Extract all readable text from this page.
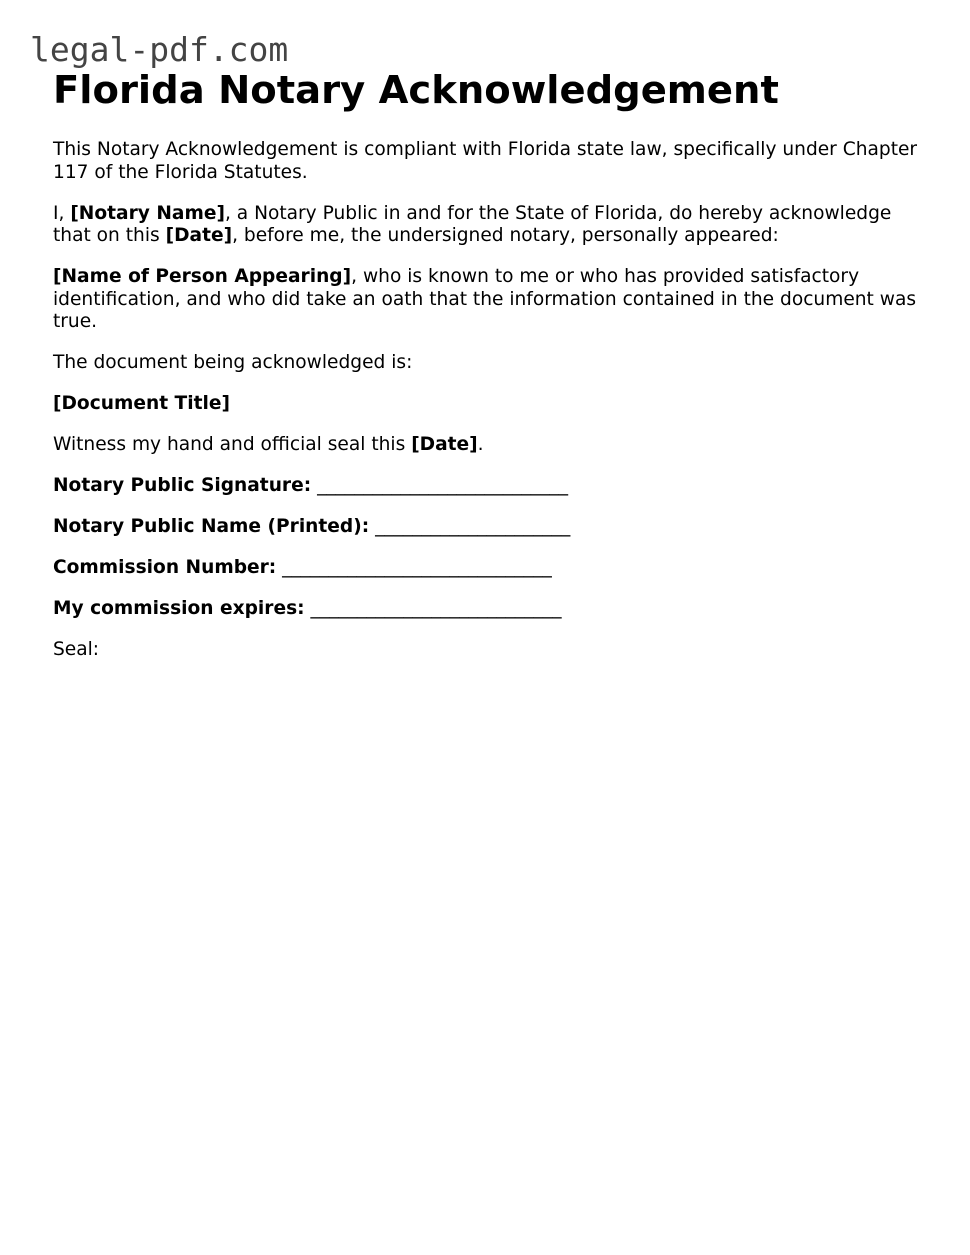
legal-pdf.com
Florida Notary Acknowledgement

This Notary Acknowledgement is compliant with Florida state law, specifically under Chapter 117 of the Florida Statutes.

I, [Notary Name], a Notary Public in and for the State of Florida, do hereby acknowledge that on this [Date], before me, the undersigned notary, personally appeared:

[Name of Person Appearing], who is known to me or who has provided satisfactory identification, and who did take an oath that the information contained in the document was true.

The document being acknowledged is:

[Document Title]

Witness my hand and official seal this [Date].

Notary Public Signature: ___________________________

Notary Public Name (Printed): _____________________

Commission Number: _____________________________

My commission expires: ___________________________

Seal:
